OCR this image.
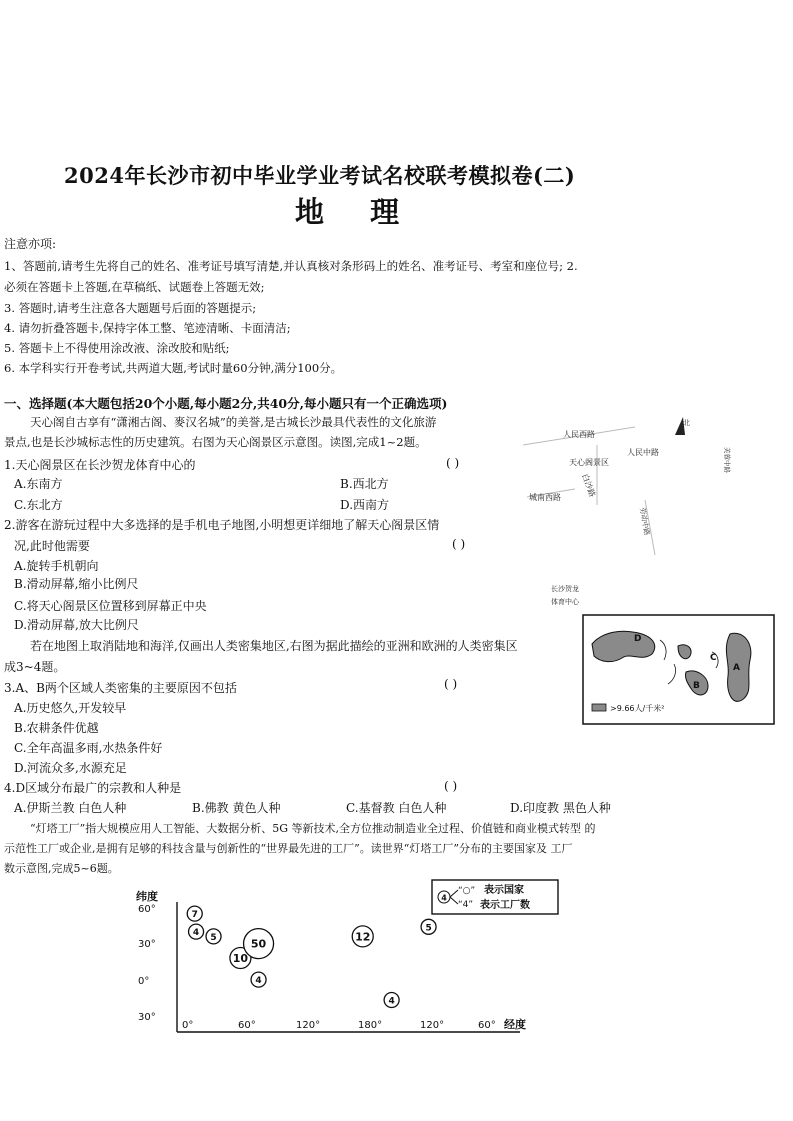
2024年长沙市初中毕业学业考试名校联考模拟卷(二)
地 理
注意亦项:
1、答题前,请考生先将自己的姓名、准考证号填写清楚,并认真核对条形码上的姓名、准考证号、考室和座位号; 2.
必须在答题卡上答题,在草稿纸、试题卷上答题无效;
3. 答题时,请考生注意各大题题号后面的答题提示;
4. 请勿折叠答题卡,保持字体工整、笔迹清晰、卡面清洁;
5. 答题卡上不得使用涂改液、涂改胶和贴纸;
6. 本学科实行开卷考试,共两道大题,考试时量60分钟,满分100分。
一、选择题(本大题包括20个小题,每小题2分,共40分,每小题只有一个正确选项)
天心阁自古享有“潇湘古阁、麥汉名城”的美誉,是古城长沙最具代表性的文化旅游
景点,也是长沙城标志性的历史建筑。右图为天心阁景区示意图。读图,完成1~2题。
1.天心阁景区在长沙贺龙体育中心的	( )
A.东南方	B.西北方
C.东北方	D.西南方
2.游客在游玩过程中大多选择的是手机电子地图,小明想更详细地了解天心阁景区情
况,此时他需要	( )
A.旋转手机朝向
B.滑动屏幕,缩小比例尺
C.将天心阁景区位置移到屏幕正中央
D.滑动屏幕,放大比例尺
若在地图上取消陆地和海洋,仅画出人类密集地区,右图为据此描绘的亚洲和欧洲的人类密集区
成3~4题。
3.A、B两个区域人类密集的主要原因不包括	( )
A.历史悠久,开发较早
B.农耕条件优越
C.全年高温多雨,水热条件好
D.河流众多,水源充足
4.D区域分布最广的宗教和人种是	( )
A.伊斯兰教 白色人种	B.佛教 黄色人种	C.基督教 白色人种	D.印度教 黑色人种
“灯塔工厂”指大规模应用人工智能、大数据分析、5G 等新技术,全方位推动制造业全过程、价值链和商业模式转型 的
示范性工厂或企业,是拥有足够的科技含量与创新性的“世界最先进的工厂”。读世界“灯塔工厂”分布的主要国家及 工厂
数示意图,完成5~6题。
人民西路
北
人民中路
天心阁景区
白沙路
城南西路
芙蓉中路
劳动中路
长沙贺龙
体育中心
D
C
A
B
>9.66人/千米²
纬度
经度
60°
30°
0°
30°
0°	60°	120°	180°	120°	60°
7
5
4 5
10
50
4
12
4
4
“○”
“4”
表示国家
表示工厂数
